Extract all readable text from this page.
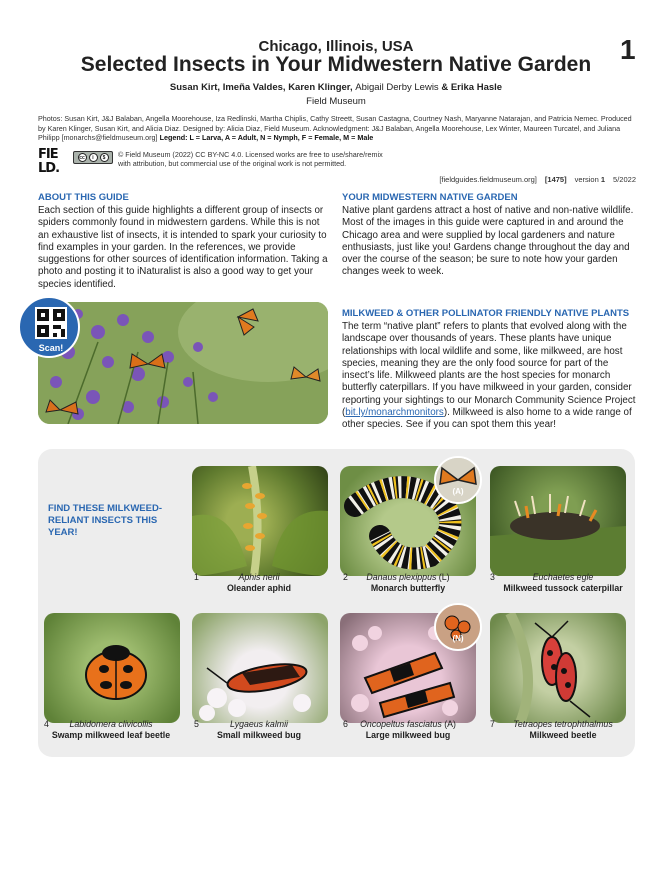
1
Chicago, Illinois, USA
Selected Insects in Your Midwestern Native Garden
Susan Kirt, Imeña Valdes, Karen Klinger, Abigail Derby Lewis & Erika Hasle
Field Museum
Photos: Susan Kirt, J&J Balaban, Angella Moorehouse, Iza Redlinski, Martha Chiplis, Cathy Streett, Susan Castagna, Courtney Nash, Maryanne Natarajan, and Patricia Nemec. Produced by Karen Klinger, Susan Kirt, and Alicia Diaz. Designed by: Alicia Diaz, Field Museum. Acknowledgment: J&J Balaban, Angella Moorehouse, Lex Winter, Maureen Turcatel, and Juliana Philipp [monarchs@fieldmuseum.org] Legend: L = Larva, A = Adult, N = Nymph, F = Female, M = Male
FIE
LD.
cc	i	$	© Field Museum (2022) CC BY-NC 4.0. Licensed works are free to use/share/remix
with attribution, but commercial use of the original work is not permitted.
[fieldguides.fieldmuseum.org] [1475] version 1 5/2022
ABOUT THIS GUIDE

Each section of this guide highlights a different group of insects or spiders commonly found in midwestern gardens. While this is not an exhaustive list of insects, it is intended to spark your curiosity to find examples in your garden. In the references, we provide suggestions for other sources of identification information. Taking a photo and posting it to iNaturalist is also a good way to get your species identified.

YOUR MIDWESTERN NATIVE GARDEN

Native plant gardens attract a host of native and non-native wildlife. Most of the images in this guide were captured in and around the Chicago area and were supplied by local gardeners and nature enthusiasts, just like you! Gardens change throughout the day and over the course of the season; be sure to note how your garden changes week to week.

Scan!
MILKWEED & OTHER POLLINATOR FRIENDLY NATIVE PLANTS

The term “native plant” refers to plants that evolved along with the landscape over thousands of years. These plants have unique relationships with local wildlife and some, like milkweed, are host species, meaning they are the only food source for part of the insect’s life. Milkweed plants are the host species for monarch butterfly caterpillars. If you have milkweed in your garden, consider reporting your sightings to our Monarch Community Science Project (bit.ly/monarchmonitors). Milkweed is also home to a wide range of other species. See if you can spot them this year!

FIND THESE MILKWEED-RELIANT INSECTS THIS YEAR!
1	Aphis nerii
Oleander aphid
(A)
2	Danaus plexippus (L)
Monarch butterfly
3	Euchaetes egle
Milkweed tussock caterpillar
4	Labidomera clivicollis
Swamp milkweed leaf beetle
5	Lygaeus kalmii
Small milkweed bug
(N)
6	Oncopeltus fasciatus (A)
Large milkweed bug
7	Tetraopes tetrophthalmus
Milkweed beetle
